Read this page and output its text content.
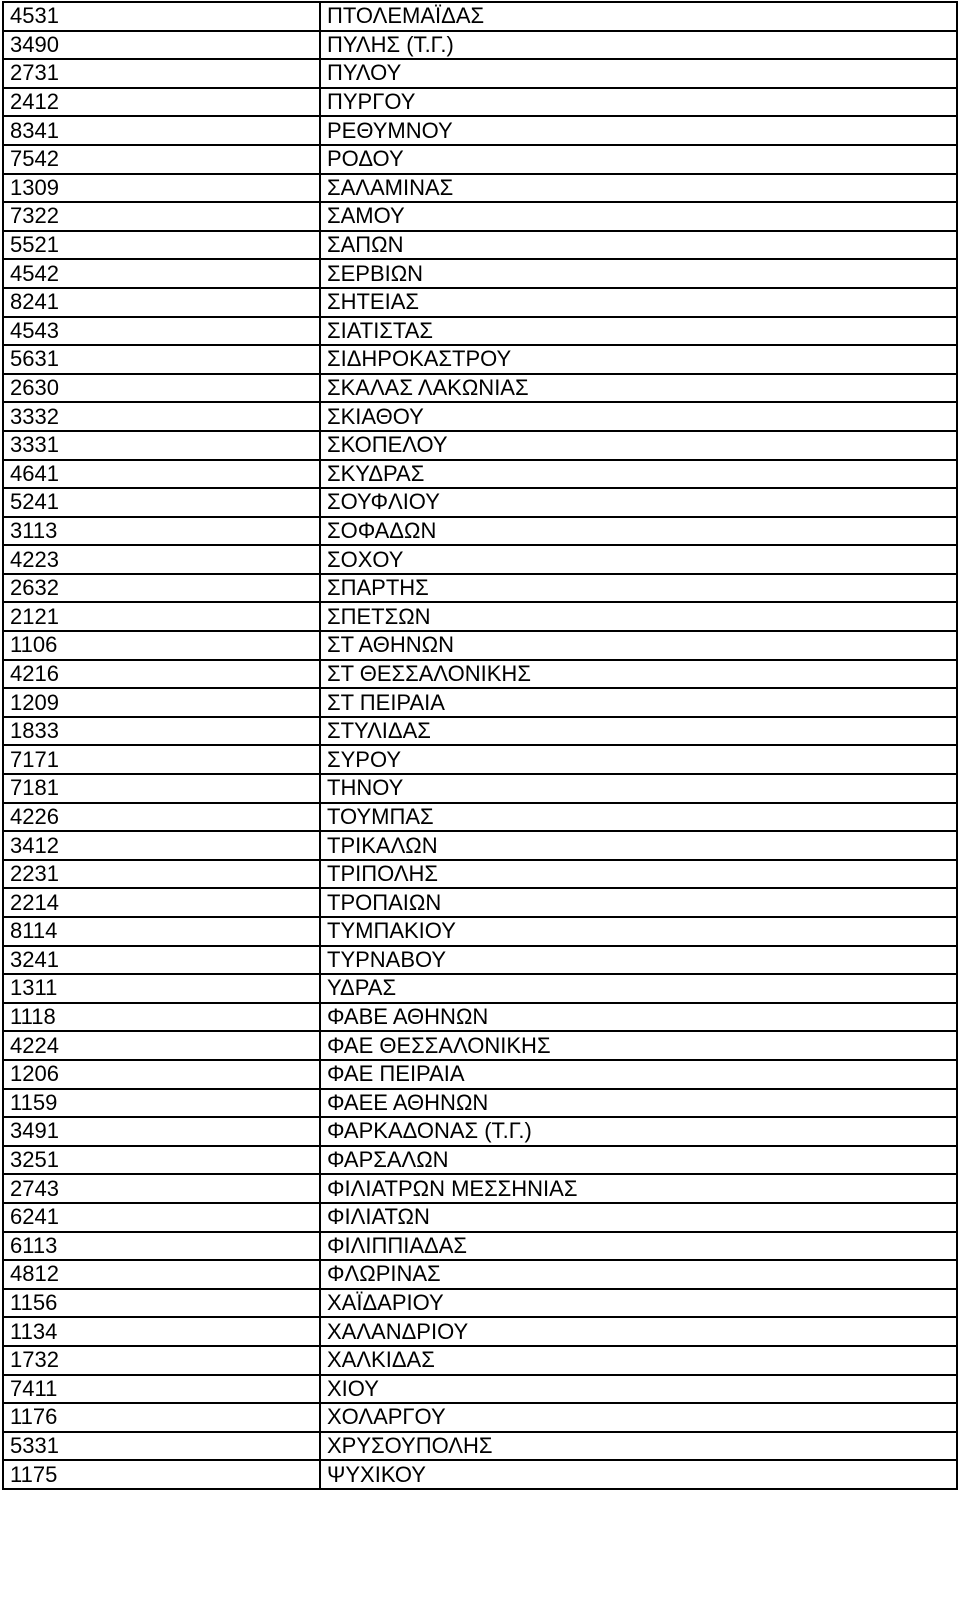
4531	ΠΤΟΛΕΜΑΪΔΑΣ
3490	ΠΥΛΗΣ (Τ.Γ.)
2731	ΠΥΛΟΥ
2412	ΠΥΡΓΟΥ
8341	ΡΕΘΥΜΝΟΥ
7542	ΡΟΔΟΥ
1309	ΣΑΛΑΜΙΝΑΣ
7322	ΣΑΜΟΥ
5521	ΣΑΠΩΝ
4542	ΣΕΡΒΙΩΝ
8241	ΣΗΤΕΙΑΣ
4543	ΣΙΑΤΙΣΤΑΣ
5631	ΣΙΔΗΡΟΚΑΣΤΡΟΥ
2630	ΣΚΑΛΑΣ ΛΑΚΩΝΙΑΣ
3332	ΣΚΙΑΘΟΥ
3331	ΣΚΟΠΕΛΟΥ
4641	ΣΚΥΔΡΑΣ
5241	ΣΟΥΦΛΙΟΥ
3113	ΣΟΦΑΔΩΝ
4223	ΣΟΧΟΥ
2632	ΣΠΑΡΤΗΣ
2121	ΣΠΕΤΣΩΝ
1106	ΣΤ ΑΘΗΝΩΝ
4216	ΣΤ ΘΕΣΣΑΛΟΝΙΚΗΣ
1209	ΣΤ ΠΕΙΡΑΙΑ
1833	ΣΤΥΛΙΔΑΣ
7171	ΣΥΡΟΥ
7181	ΤΗΝΟΥ
4226	ΤΟΥΜΠΑΣ
3412	ΤΡΙΚΑΛΩΝ
2231	ΤΡΙΠΟΛΗΣ
2214	ΤΡΟΠΑΙΩΝ
8114	ΤΥΜΠΑΚΙΟΥ
3241	ΤΥΡΝΑΒΟΥ
1311	ΥΔΡΑΣ
1118	ΦΑΒΕ ΑΘΗΝΩΝ
4224	ΦΑΕ ΘΕΣΣΑΛΟΝΙΚΗΣ
1206	ΦΑΕ ΠΕΙΡΑΙΑ
1159	ΦΑΕΕ ΑΘΗΝΩΝ
3491	ΦΑΡΚΑΔΟΝΑΣ (Τ.Γ.)
3251	ΦΑΡΣΑΛΩΝ
2743	ΦΙΛΙΑΤΡΩΝ ΜΕΣΣΗΝΙΑΣ
6241	ΦΙΛΙΑΤΩΝ
6113	ΦΙΛΙΠΠΙΑΔΑΣ
4812	ΦΛΩΡΙΝΑΣ
1156	ΧΑΪΔΑΡΙΟΥ
1134	ΧΑΛΑΝΔΡΙΟΥ
1732	ΧΑΛΚΙΔΑΣ
7411	ΧΙΟΥ
1176	ΧΟΛΑΡΓΟΥ
5331	ΧΡΥΣΟΥΠΟΛΗΣ
1175	ΨΥΧΙΚΟΥ
